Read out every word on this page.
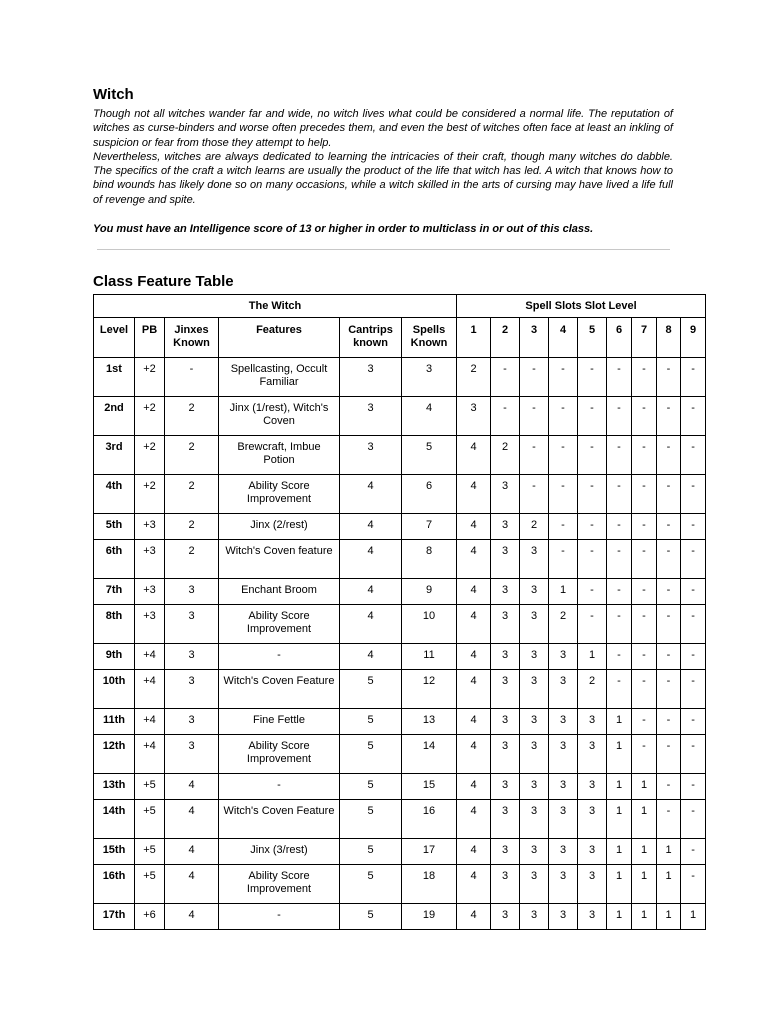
Witch

Though not all witches wander far and wide, no witch lives what could be considered a normal life. The reputation of witches as curse-binders and worse often precedes them, and even the best of witches often face at least an inkling of suspicion or fear from those they attempt to help.

Nevertheless, witches are always dedicated to learning the intricacies of their craft, though many witches do dabble. The specifics of the craft a witch learns are usually the product of the life that witch has led. A witch that knows how to bind wounds has likely done so on many occasions, while a witch skilled in the arts of cursing may have lived a life full of revenge and spite.

You must have an Intelligence score of 13 or higher in order to multiclass in or out of this class.
Class Feature Table
The Witch						Spell Slots Slot Level								
Level	PB	Jinxes Known	Features	Cantrips known	Spells Known	1	2	3	4	5	6	7	8	9
1st	+2	-	Spellcasting, Occult Familiar	3	3	2	-	-	-	-	-	-	-	-
2nd	+2	2	Jinx (1/rest), Witch's Coven	3	4	3	-	-	-	-	-	-	-	-
3rd	+2	2	Brewcraft, Imbue Potion	3	5	4	2	-	-	-	-	-	-	-
4th	+2	2	Ability Score Improvement	4	6	4	3	-	-	-	-	-	-	-
5th	+3	2	Jinx (2/rest)	4	7	4	3	2	-	-	-	-	-	-
6th	+3	2	Witch's Coven feature	4	8	4	3	3	-	-	-	-	-	-
7th	+3	3	Enchant Broom	4	9	4	3	3	1	-	-	-	-	-
8th	+3	3	Ability Score Improvement	4	10	4	3	3	2	-	-	-	-	-
9th	+4	3	-	4	11	4	3	3	3	1	-	-	-	-
10th	+4	3	Witch's Coven Feature	5	12	4	3	3	3	2	-	-	-	-
11th	+4	3	Fine Fettle	5	13	4	3	3	3	3	1	-	-	-
12th	+4	3	Ability Score Improvement	5	14	4	3	3	3	3	1	-	-	-
13th	+5	4	-	5	15	4	3	3	3	3	1	1	-	-
14th	+5	4	Witch's Coven Feature	5	16	4	3	3	3	3	1	1	-	-
15th	+5	4	Jinx (3/rest)	5	17	4	3	3	3	3	1	1	1	-
16th	+5	4	Ability Score Improvement	5	18	4	3	3	3	3	1	1	1	-
17th	+6	4	-	5	19	4	3	3	3	3	1	1	1	1
